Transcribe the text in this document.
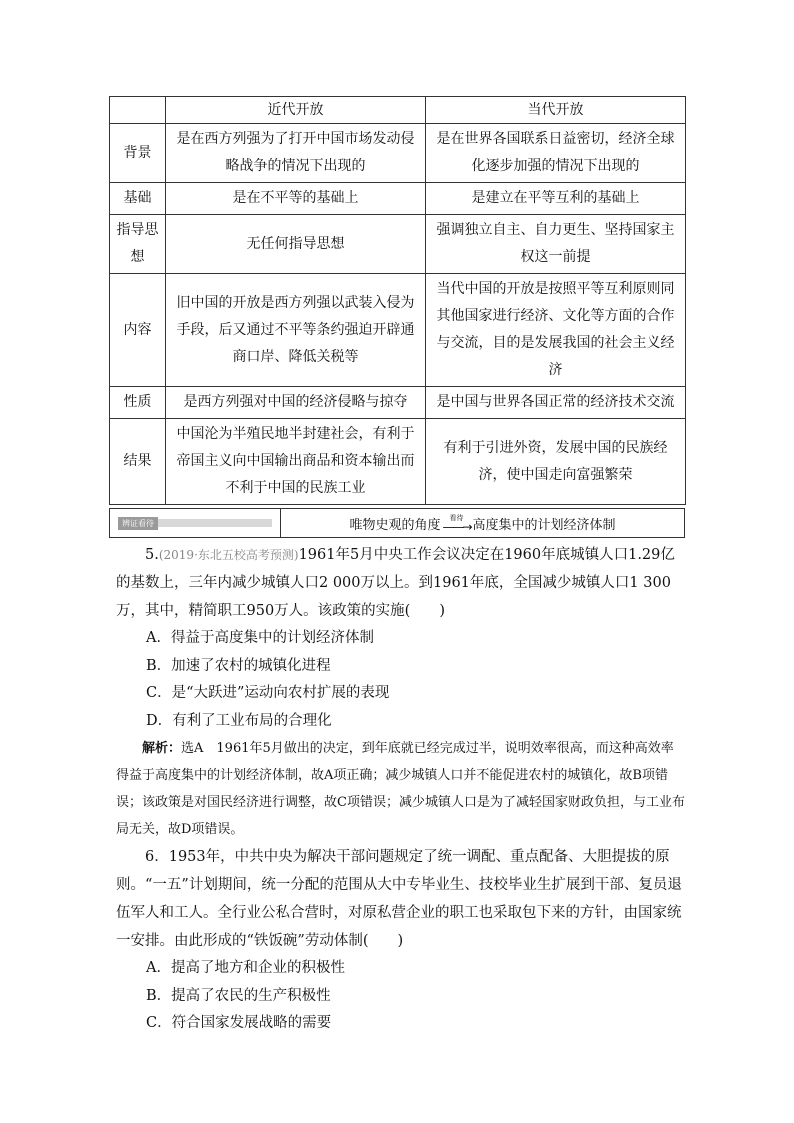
	近代开放	当代开放
背景	是在西方列强为了打开中国市场发动侵略战争的情况下出现的	是在世界各国联系日益密切，经济全球化逐步加强的情况下出现的
基础	是在不平等的基础上	是建立在平等互利的基础上
指导思想	无任何指导思想	强调独立自主、自力更生、坚持国家主权这一前提
内容	旧中国的开放是西方列强以武装入侵为手段，后又通过不平等条约强迫开辟通商口岸、降低关税等	当代中国的开放是按照平等互利原则同其他国家进行经济、文化等方面的合作与交流，目的是发展我国的社会主义经济
性质	是西方列强对中国的经济侵略与掠夺	是中国与世界各国正常的经济技术交流
结果	中国沦为半殖民地半封建社会，有利于帝国主义向中国输出商品和资本输出而不利于中国的民族工业	有利于引进外资，发展中国的民族经济，使中国走向富强繁荣
辨证看待	唯物史观的角度 看待
——→ 高度集中的计划经济体制

5.(2019·东北五校高考预测)1961年5月中央工作会议决定在1960年底城镇人口1.29亿的基数上，三年内减少城镇人口2 000万以上。到1961年底，全国减少城镇人口1 300万，其中，精简职工950万人。该政策的实施(　　)

A．得益于高度集中的计划经济体制

B．加速了农村的城镇化进程

C．是“大跃进”运动向农村扩展的表现

D．有利了工业布局的合理化

解析：选A　1961年5月做出的决定，到年底就已经完成过半，说明效率很高，而这种高效率得益于高度集中的计划经济体制，故A项正确；减少城镇人口并不能促进农村的城镇化，故B项错误；该政策是对国民经济进行调整，故C项错误；减少城镇人口是为了减轻国家财政负担，与工业布局无关，故D项错误。

6．1953年，中共中央为解决干部问题规定了统一调配、重点配备、大胆提拔的原则。“一五”计划期间，统一分配的范围从大中专毕业生、技校毕业生扩展到干部、复员退伍军人和工人。全行业公私合营时，对原私营企业的职工也采取包下来的方针，由国家统一安排。由此形成的“铁饭碗”劳动体制(　　)

A．提高了地方和企业的积极性

B．提高了农民的生产积极性

C．符合国家发展战略的需要
